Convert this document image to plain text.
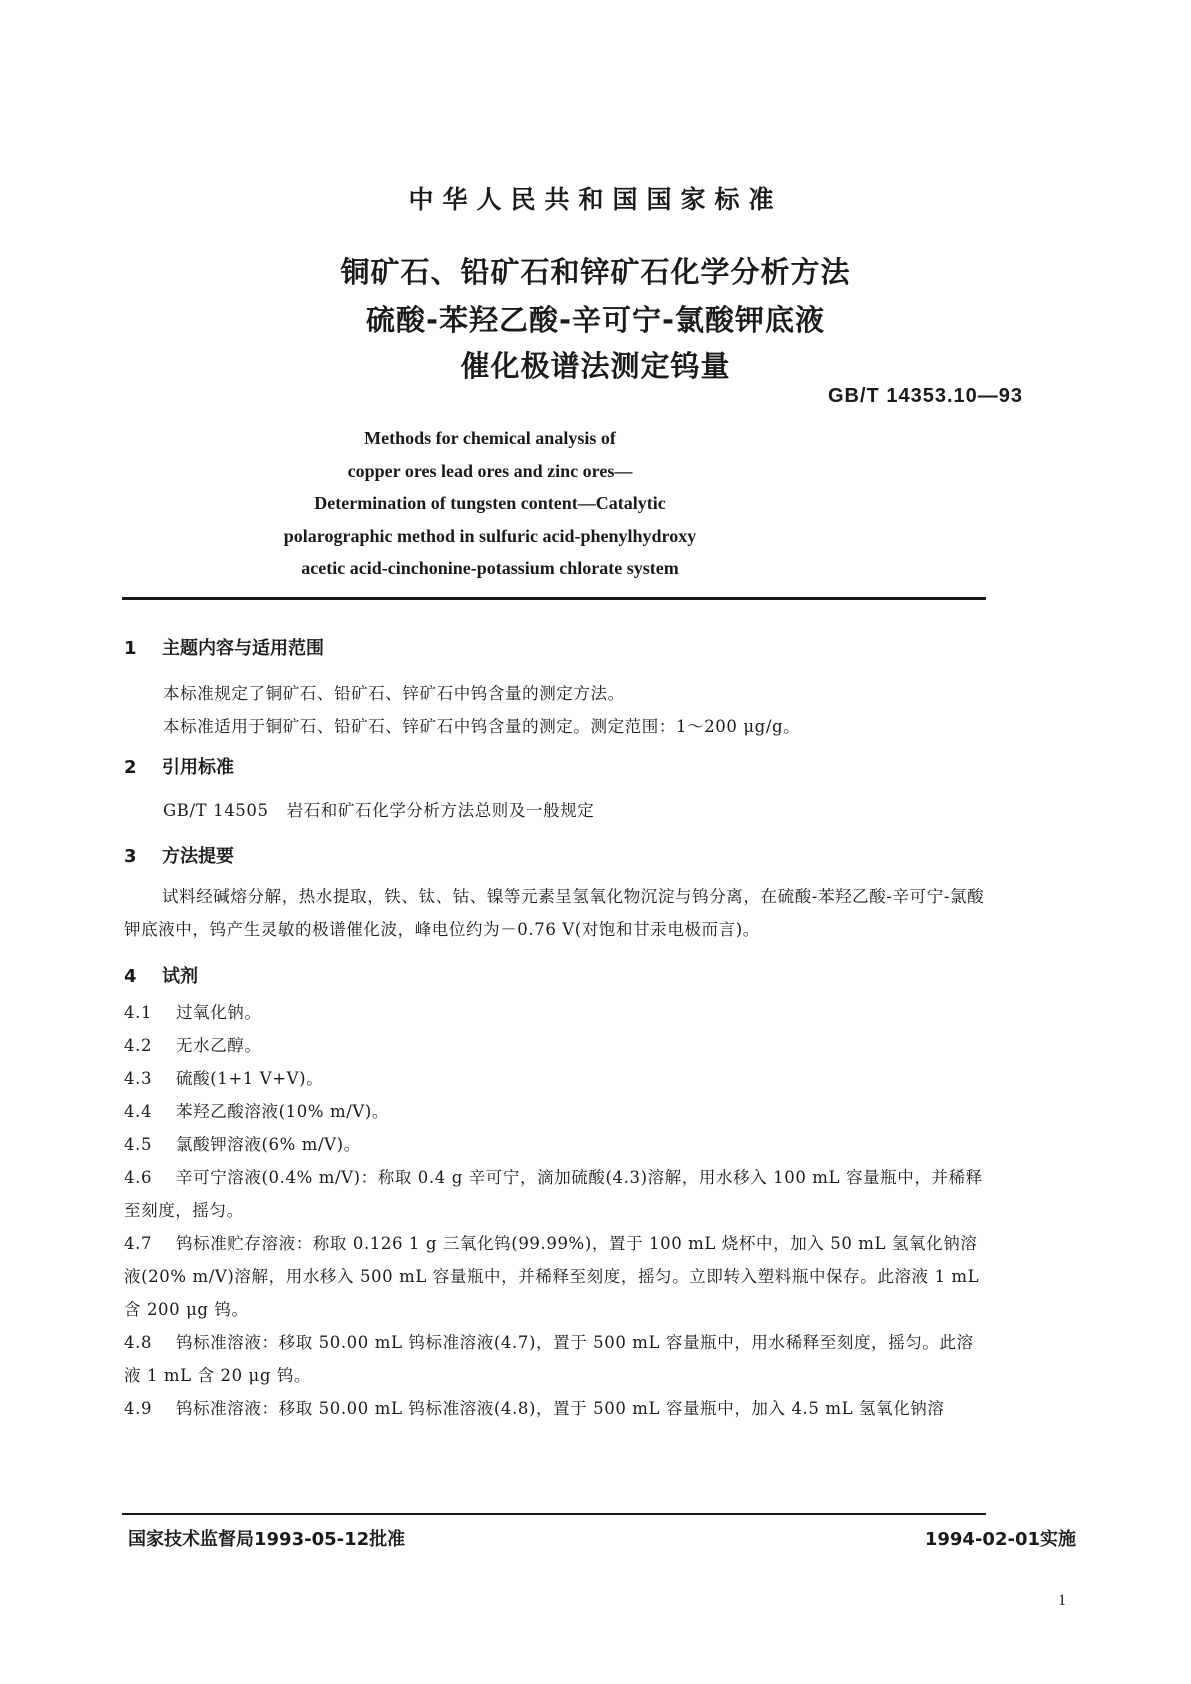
中华人民共和国国家标准
铜矿石、铅矿石和锌矿石化学分析方法
硫酸-苯羟乙酸-辛可宁-氯酸钾底液
催化极谱法测定钨量
GB/T 14353.10—93
Methods for chemical analysis of
copper ores lead ores and zinc ores—
Determination of tungsten content—Catalytic
polarographic method in sulfuric acid-phenylhydroxy
acetic acid-cinchonine-potassium chlorate system
1 主题内容与适用范围
本标准规定了铜矿石、铅矿石、锌矿石中钨含量的测定方法。
本标准适用于铜矿石、铅矿石、锌矿石中钨含量的测定。测定范围：1～200 μg/g。
2 引用标准
GB/T 14505 岩石和矿石化学分析方法总则及一般规定
3 方法提要
试料经碱熔分解，热水提取，铁、钛、钴、镍等元素呈氢氧化物沉淀与钨分离，在硫酸-苯羟乙酸-辛可宁-氯酸钾底液中，钨产生灵敏的极谱催化波，峰电位约为－0.76 V(对饱和甘汞电极而言)。
4 试剂
4.1	过氧化钠。
4.2	无水乙醇。
4.3	硫酸(1+1 V+V)。
4.4	苯羟乙酸溶液(10% m/V)。
4.5	氯酸钾溶液(6% m/V)。
4.6 辛可宁溶液(0.4% m/V)：称取 0.4 g 辛可宁，滴加硫酸(4.3)溶解，用水移入 100 mL 容量瓶中，并稀释至刻度，摇匀。
4.7 钨标准贮存溶液：称取 0.126 1 g 三氧化钨(99.99%)，置于 100 mL 烧杯中，加入 50 mL 氢氧化钠溶液(20% m/V)溶解，用水移入 500 mL 容量瓶中，并稀释至刻度，摇匀。立即转入塑料瓶中保存。此溶液 1 mL 含 200 μg 钨。
4.8 钨标准溶液：移取 50.00 mL 钨标准溶液(4.7)，置于 500 mL 容量瓶中，用水稀释至刻度，摇匀。此溶液 1 mL 含 20 μg 钨。
4.9 钨标准溶液：移取 50.00 mL 钨标准溶液(4.8)，置于 500 mL 容量瓶中，加入 4.5 mL 氢氧化钠溶
国家技术监督局1993-05-12批准	1994-02-01实施
1
